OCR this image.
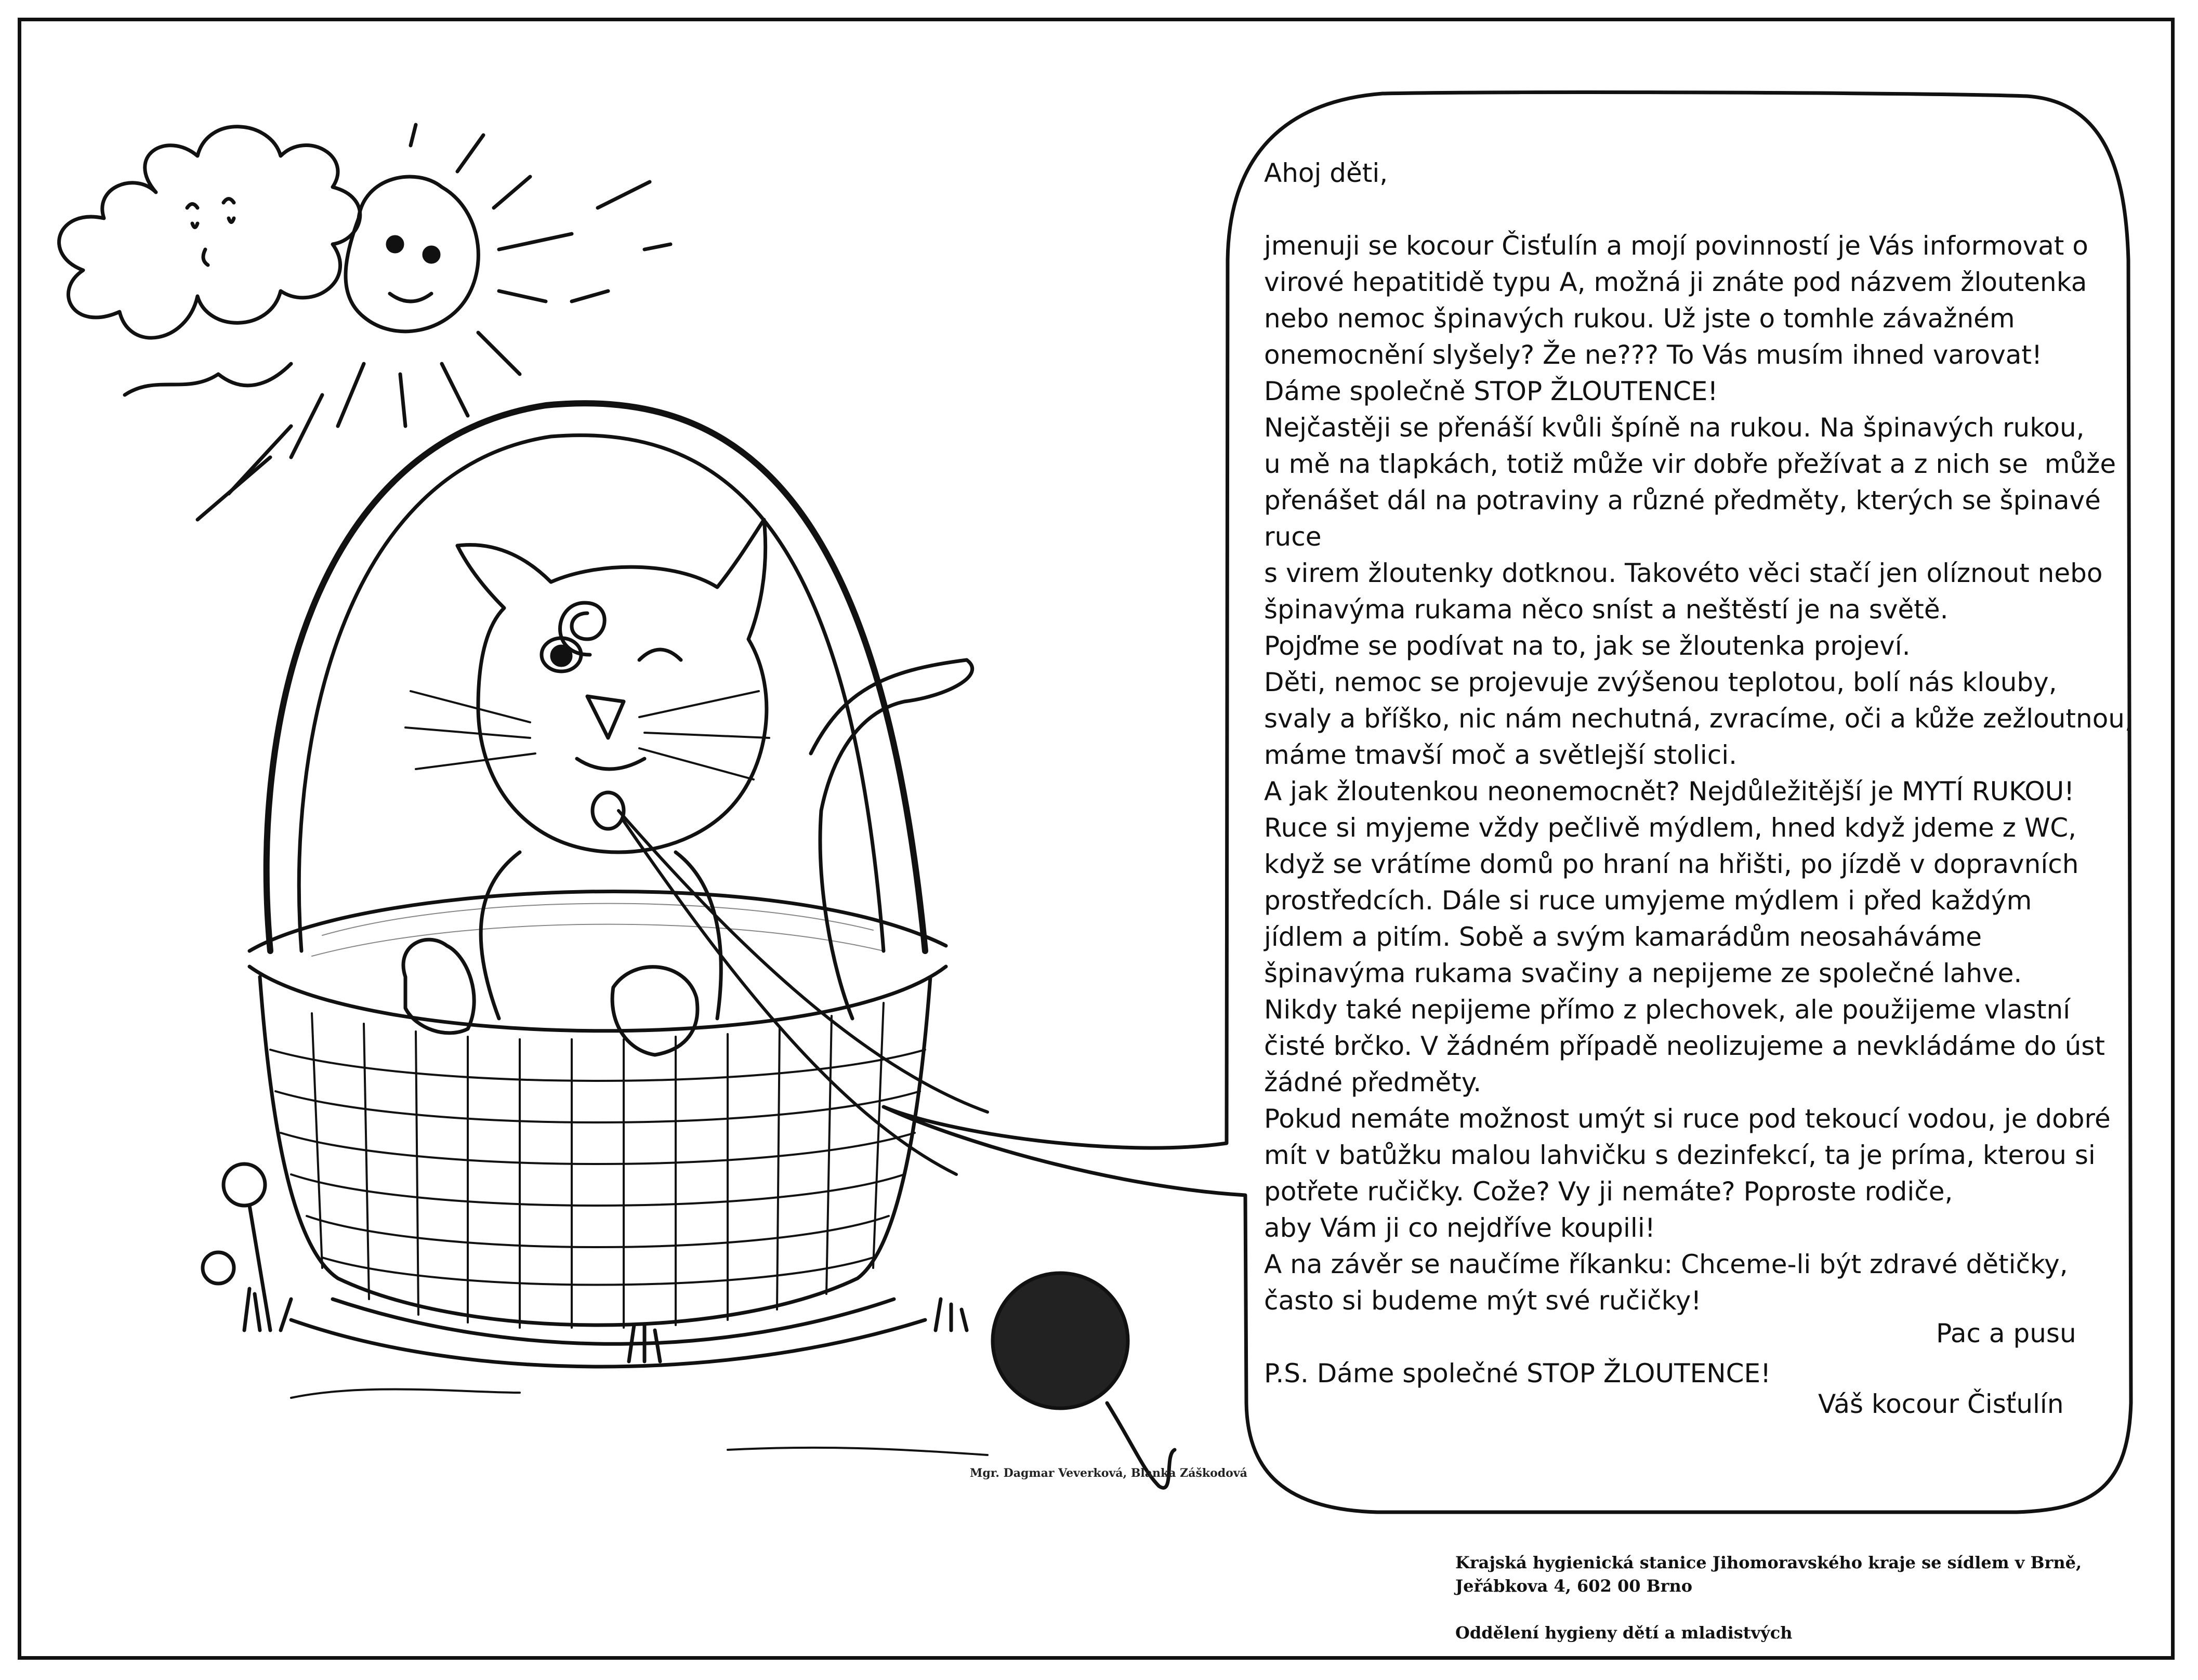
Ahoj děti,

jmenuji se kocour Čisťulín a mojí povinností je Vás informovat o

virové hepatitidě typu A, možná ji znáte pod názvem žloutenka

nebo nemoc špinavých rukou. Už jste o tomhle závažném

onemocnění slyšely? Že ne??? To Vás musím ihned varovat!

Dáme společně STOP ŽLOUTENCE!

Nejčastěji se přenáší kvůli špíně na rukou. Na špinavých rukou,

u mě na tlapkách, totiž může vir dobře přežívat a z nich se  může

přenášet dál na potraviny a různé předměty, kterých se špinavé ruce

s virem žloutenky dotknou. Takovéto věci stačí jen olíznout nebo

špinavýma rukama něco sníst a neštěstí je na světě.

Pojďme se podívat na to, jak se žloutenka projeví.

Děti, nemoc se projevuje zvýšenou teplotou, bolí nás klouby,

svaly a bříško, nic nám nechutná, zvracíme, oči a kůže zežloutnou,

máme tmavší moč a světlejší stolici.

A jak žloutenkou neonemocnět? Nejdůležitější je MYTÍ RUKOU!

Ruce si myjeme vždy pečlivě mýdlem, hned když jdeme z WC,

když se vrátíme domů po hraní na hřišti, po jízdě v dopravních

prostředcích. Dále si ruce umyjeme mýdlem i před každým

jídlem a pitím. Sobě a svým kamarádům neosaháváme

špinavýma rukama svačiny a nepijeme ze společné lahve.

Nikdy také nepijeme přímo z plechovek, ale použijeme vlastní

čisté brčko. V žádném případě neolizujeme a nevkládáme do úst

žádné předměty.

Pokud nemáte možnost umýt si ruce pod tekoucí vodou, je dobré

mít v batůžku malou lahvičku s dezinfekcí, ta je príma, kterou si

potřete ručičky. Cože? Vy ji nemáte? Poproste rodiče,

aby Vám ji co nejdříve koupili!

A na závěr se naučíme říkanku: Chceme-li být zdravé dětičky,

často si budeme mýt své ručičky!

P.S. Dáme společné STOP ŽLOUTENCE!

Pac a pusu
Váš kocour Čisťulín
Mgr. Dagmar Veverková, Blanka Záškodová
Krajská hygienická stanice Jihomoravského kraje se sídlem v Brně,
Jeřábkova 4, 602 00 Brno
Oddělení hygieny dětí a mladistvých
